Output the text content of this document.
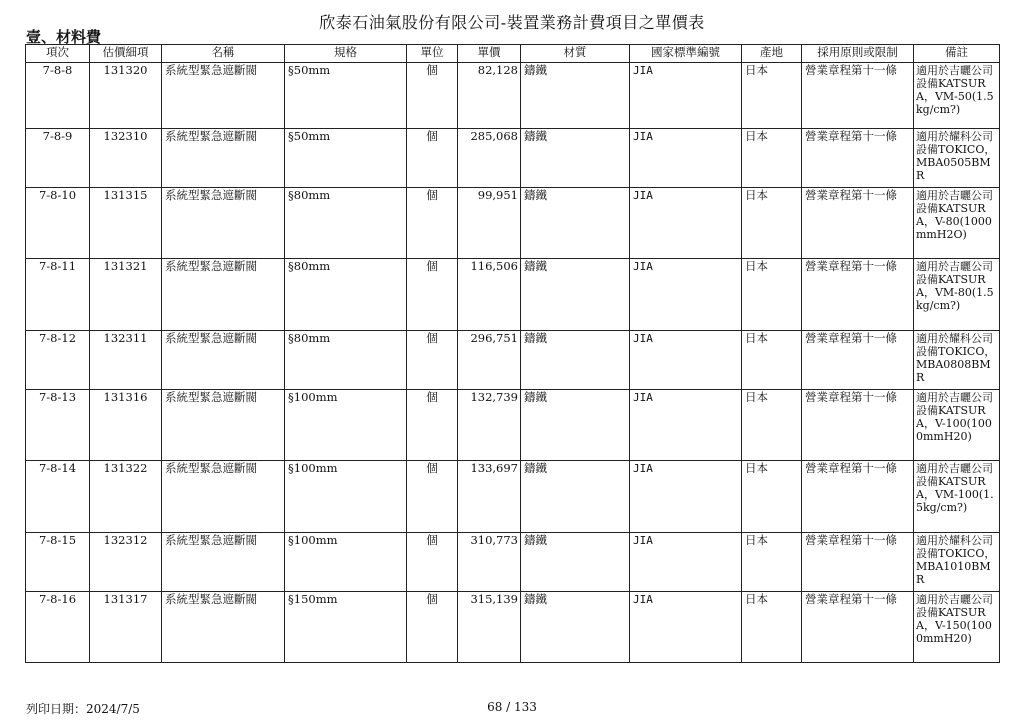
欣泰石油氣股份有限公司-裝置業務計費項目之單價表
壹、材料費
項次	估價細項	名稱	規格	單位	單價	材質	國家標準編號	產地	採用原則或限制	備註
7-8-8	131320	系統型緊急遮斷閥	§50mm	個	82,128	鑄鐵	JIA	日本	營業章程第十一條	適用於吉曬公司設備KATSURA，VM-50(1.5kg/cm?)
7-8-9	132310	系統型緊急遮斷閥	§50mm	個	285,068	鑄鐵	JIA	日本	營業章程第十一條	適用於耀科公司設備TOKICO，MBA0505BMR
7-8-10	131315	系統型緊急遮斷閥	§80mm	個	99,951	鑄鐵	JIA	日本	營業章程第十一條	適用於吉曬公司設備KATSURA，V-80(1000mmH2O)
7-8-11	131321	系統型緊急遮斷閥	§80mm	個	116,506	鑄鐵	JIA	日本	營業章程第十一條	適用於吉曬公司設備KATSURA，VM-80(1.5kg/cm?)
7-8-12	132311	系統型緊急遮斷閥	§80mm	個	296,751	鑄鐵	JIA	日本	營業章程第十一條	適用於耀科公司設備TOKICO，MBA0808BMR
7-8-13	131316	系統型緊急遮斷閥	§100mm	個	132,739	鑄鐵	JIA	日本	營業章程第十一條	適用於吉曬公司設備KATSURA，V-100(1000mmH20)
7-8-14	131322	系統型緊急遮斷閥	§100mm	個	133,697	鑄鐵	JIA	日本	營業章程第十一條	適用於吉曬公司設備KATSURA，VM-100(1.5kg/cm?)
7-8-15	132312	系統型緊急遮斷閥	§100mm	個	310,773	鑄鐵	JIA	日本	營業章程第十一條	適用於耀科公司設備TOKICO，MBA1010BMR
7-8-16	131317	系統型緊急遮斷閥	§150mm	個	315,139	鑄鐵	JIA	日本	營業章程第十一條	適用於吉曬公司設備KATSURA，V-150(1000mmH20)
列印日期：2024/7/5	68 / 133
